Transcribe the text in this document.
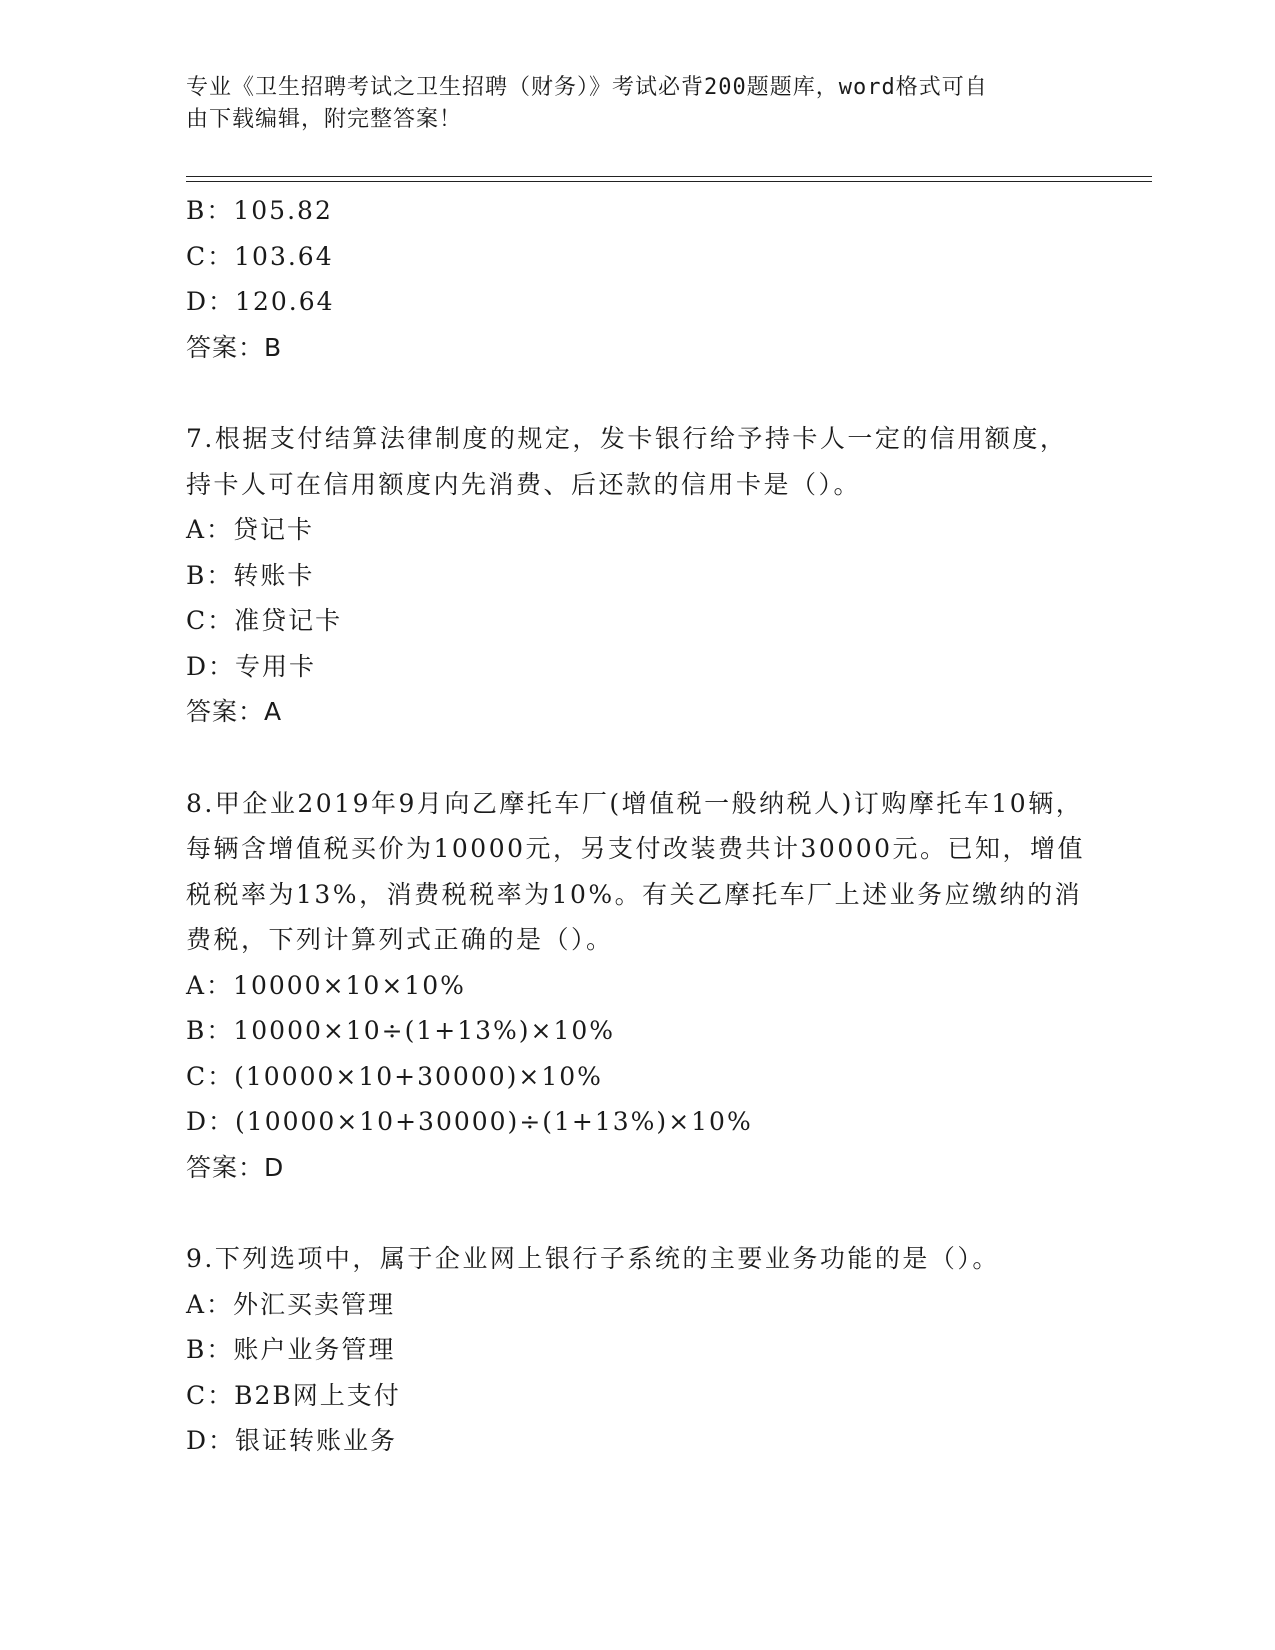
专业《卫生招聘考试之卫生招聘（财务）》考试必背200题题库，word格式可自
由下载编辑，附完整答案！
B：105.82
C：103.64
D：120.64
答案：B
7.根据支付结算法律制度的规定，发卡银行给予持卡人一定的信用额度，持卡人可在信用额度内先消费、后还款的信用卡是（）。
A：贷记卡
B：转账卡
C：准贷记卡
D：专用卡
答案：A
8.甲企业2019年9月向乙摩托车厂(增值税一般纳税人)订购摩托车10辆，每辆含增值税买价为10000元，另支付改装费共计30000元。已知，增值税税率为13%，消费税税率为10%。有关乙摩托车厂上述业务应缴纳的消费税，下列计算列式正确的是（）。
A：10000×10×10%
B：10000×10÷(1+13%)×10%
C：(10000×10+30000)×10%
D：(10000×10+30000)÷(1+13%)×10%
答案：D
9.下列选项中，属于企业网上银行子系统的主要业务功能的是（）。
A：外汇买卖管理
B：账户业务管理
C：B2B网上支付
D：银证转账业务
